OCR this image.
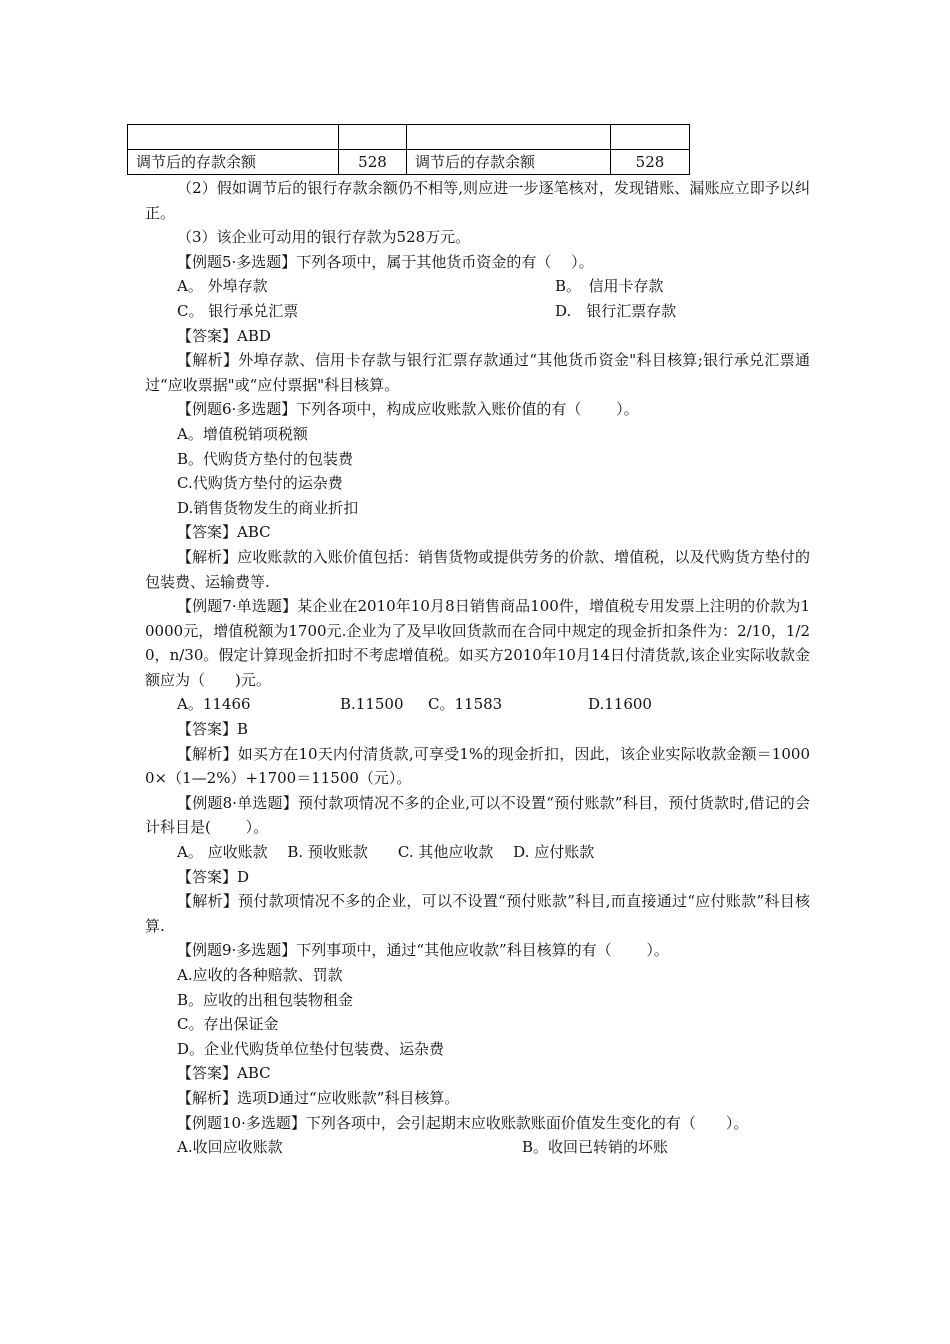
调节后的存款余额	528	调节后的存款余额	528
（2）假如调节后的银行存款余额仍不相等,则应进一步逐笔核对，发现错账、漏账应立即予以纠正。
（3）该企业可动用的银行存款为528万元。
【例题5·多选题】下列各项中，属于其他货币资金的有（　 ）。
A。 外埠存款	B。　信用卡存款
C。 银行承兑汇票	D.　银行汇票存款
【答案】ABD
【解析】外埠存款、信用卡存款与银行汇票存款通过“其他货币资金"科目核算;银行承兑汇票通过“应收票据"或“应付票据"科目核算。
【例题6·多选题】下列各项中，构成应收账款入账价值的有（　　 ）。
A。增值税销项税额
B。代购货方垫付的包装费
C.代购货方垫付的运杂费
D.销售货物发生的商业折扣
【答案】ABC
【解析】应收账款的入账价值包括：销售货物或提供劳务的价款、增值税，以及代购货方垫付的包装费、运输费等.
【例题7·单选题】某企业在2010年10月8日销售商品100件，增值税专用发票上注明的价款为10000元，增值税额为1700元.企业为了及早收回货款而在合同中规定的现金折扣条件为：2/10，1/20，n/30。假定计算现金折扣时不考虑增值税。如买方2010年10月14日付清货款,该企业实际收款金额应为（　　)元。
A。11466	B.11500	C。11583	D.11600
【答案】B
【解析】如买方在10天内付清货款,可享受1%的现金折扣，因此，该企业实际收款金额＝10000×（1—2%）+1700＝11500（元）。
【例题8·单选题】预付款项情况不多的企业,可以不设置“预付账款”科目，预付货款时,借记的会计科目是(　　 ）。
A。 应收账款　 B. 预收账款　　C. 其他应收款　 D. 应付账款
【答案】D
【解析】预付款项情况不多的企业，可以不设置“预付账款”科目,而直接通过“应付账款”科目核算.
【例题9·多选题】下列事项中，通过“其他应收款”科目核算的有（　　 ）。
A.应收的各种赔款、罚款
B。应收的出租包装物租金
C。存出保证金
D。企业代购货单位垫付包装费、运杂费
【答案】ABC
【解析】选项D通过“应收账款”科目核算。
【例题10·多选题】下列各项中，会引起期末应收账款账面价值发生变化的有（　　）。
A.收回应收账款	B。收回已转销的坏账
